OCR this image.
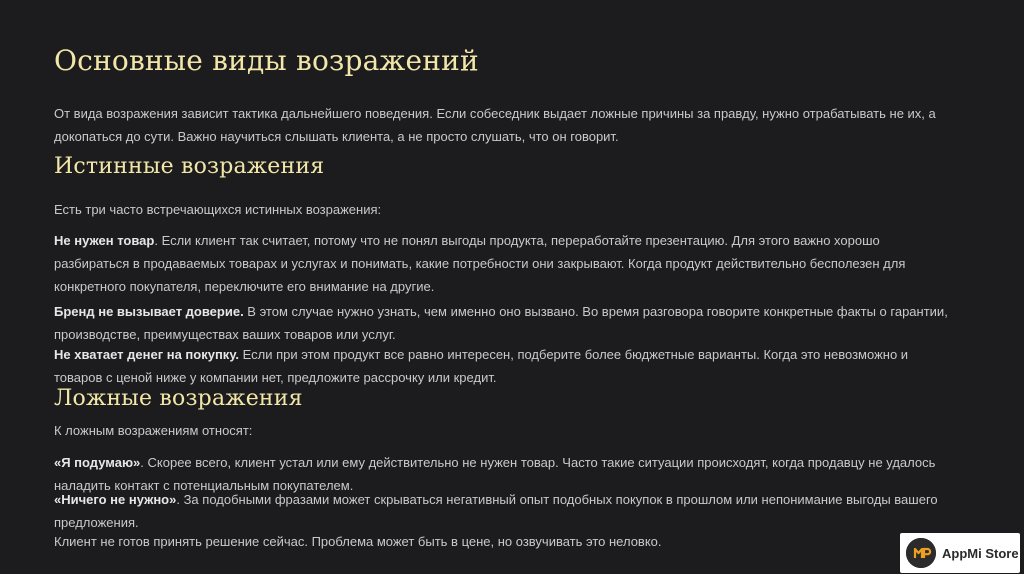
Основные виды возражений
От вида возражения зависит тактика дальнейшего поведения. Если собеседник выдает ложные причины за правду, нужно отрабатывать не их, а
докопаться до сути. Важно научиться слышать клиента, а не просто слушать, что он говорит.
Истинные возражения
Есть три часто встречающихся истинных возражения:
Не нужен товар. Если клиент так считает, потому что не понял выгоды продукта, переработайте презентацию. Для этого важно хорошо
разбираться в продаваемых товарах и услугах и понимать, какие потребности они закрывают. Когда продукт действительно бесполезен для
конкретного покупателя, переключите его внимание на другие.
Бренд не вызывает доверие. В этом случае нужно узнать, чем именно оно вызвано. Во время разговора говорите конкретные факты о гарантии,
производстве, преимуществах ваших товаров или услуг.
Не хватает денег на покупку. Если при этом продукт все равно интересен, подберите более бюджетные варианты. Когда это невозможно и
товаров с ценой ниже у компании нет, предложите рассрочку или кредит.
Ложные возражения
К ложным возражениям относят:
«Я подумаю». Скорее всего, клиент устал или ему действительно не нужен товар. Часто такие ситуации происходят, когда продавцу не удалось
наладить контакт с потенциальным покупателем.
«Ничего не нужно». За подобными фразами может скрываться негативный опыт подобных покупок в прошлом или непонимание выгоды вашего
предложения.
Клиент не готов принять решение сейчас. Проблема может быть в цене, но озвучивать это неловко.
AppMi Store
